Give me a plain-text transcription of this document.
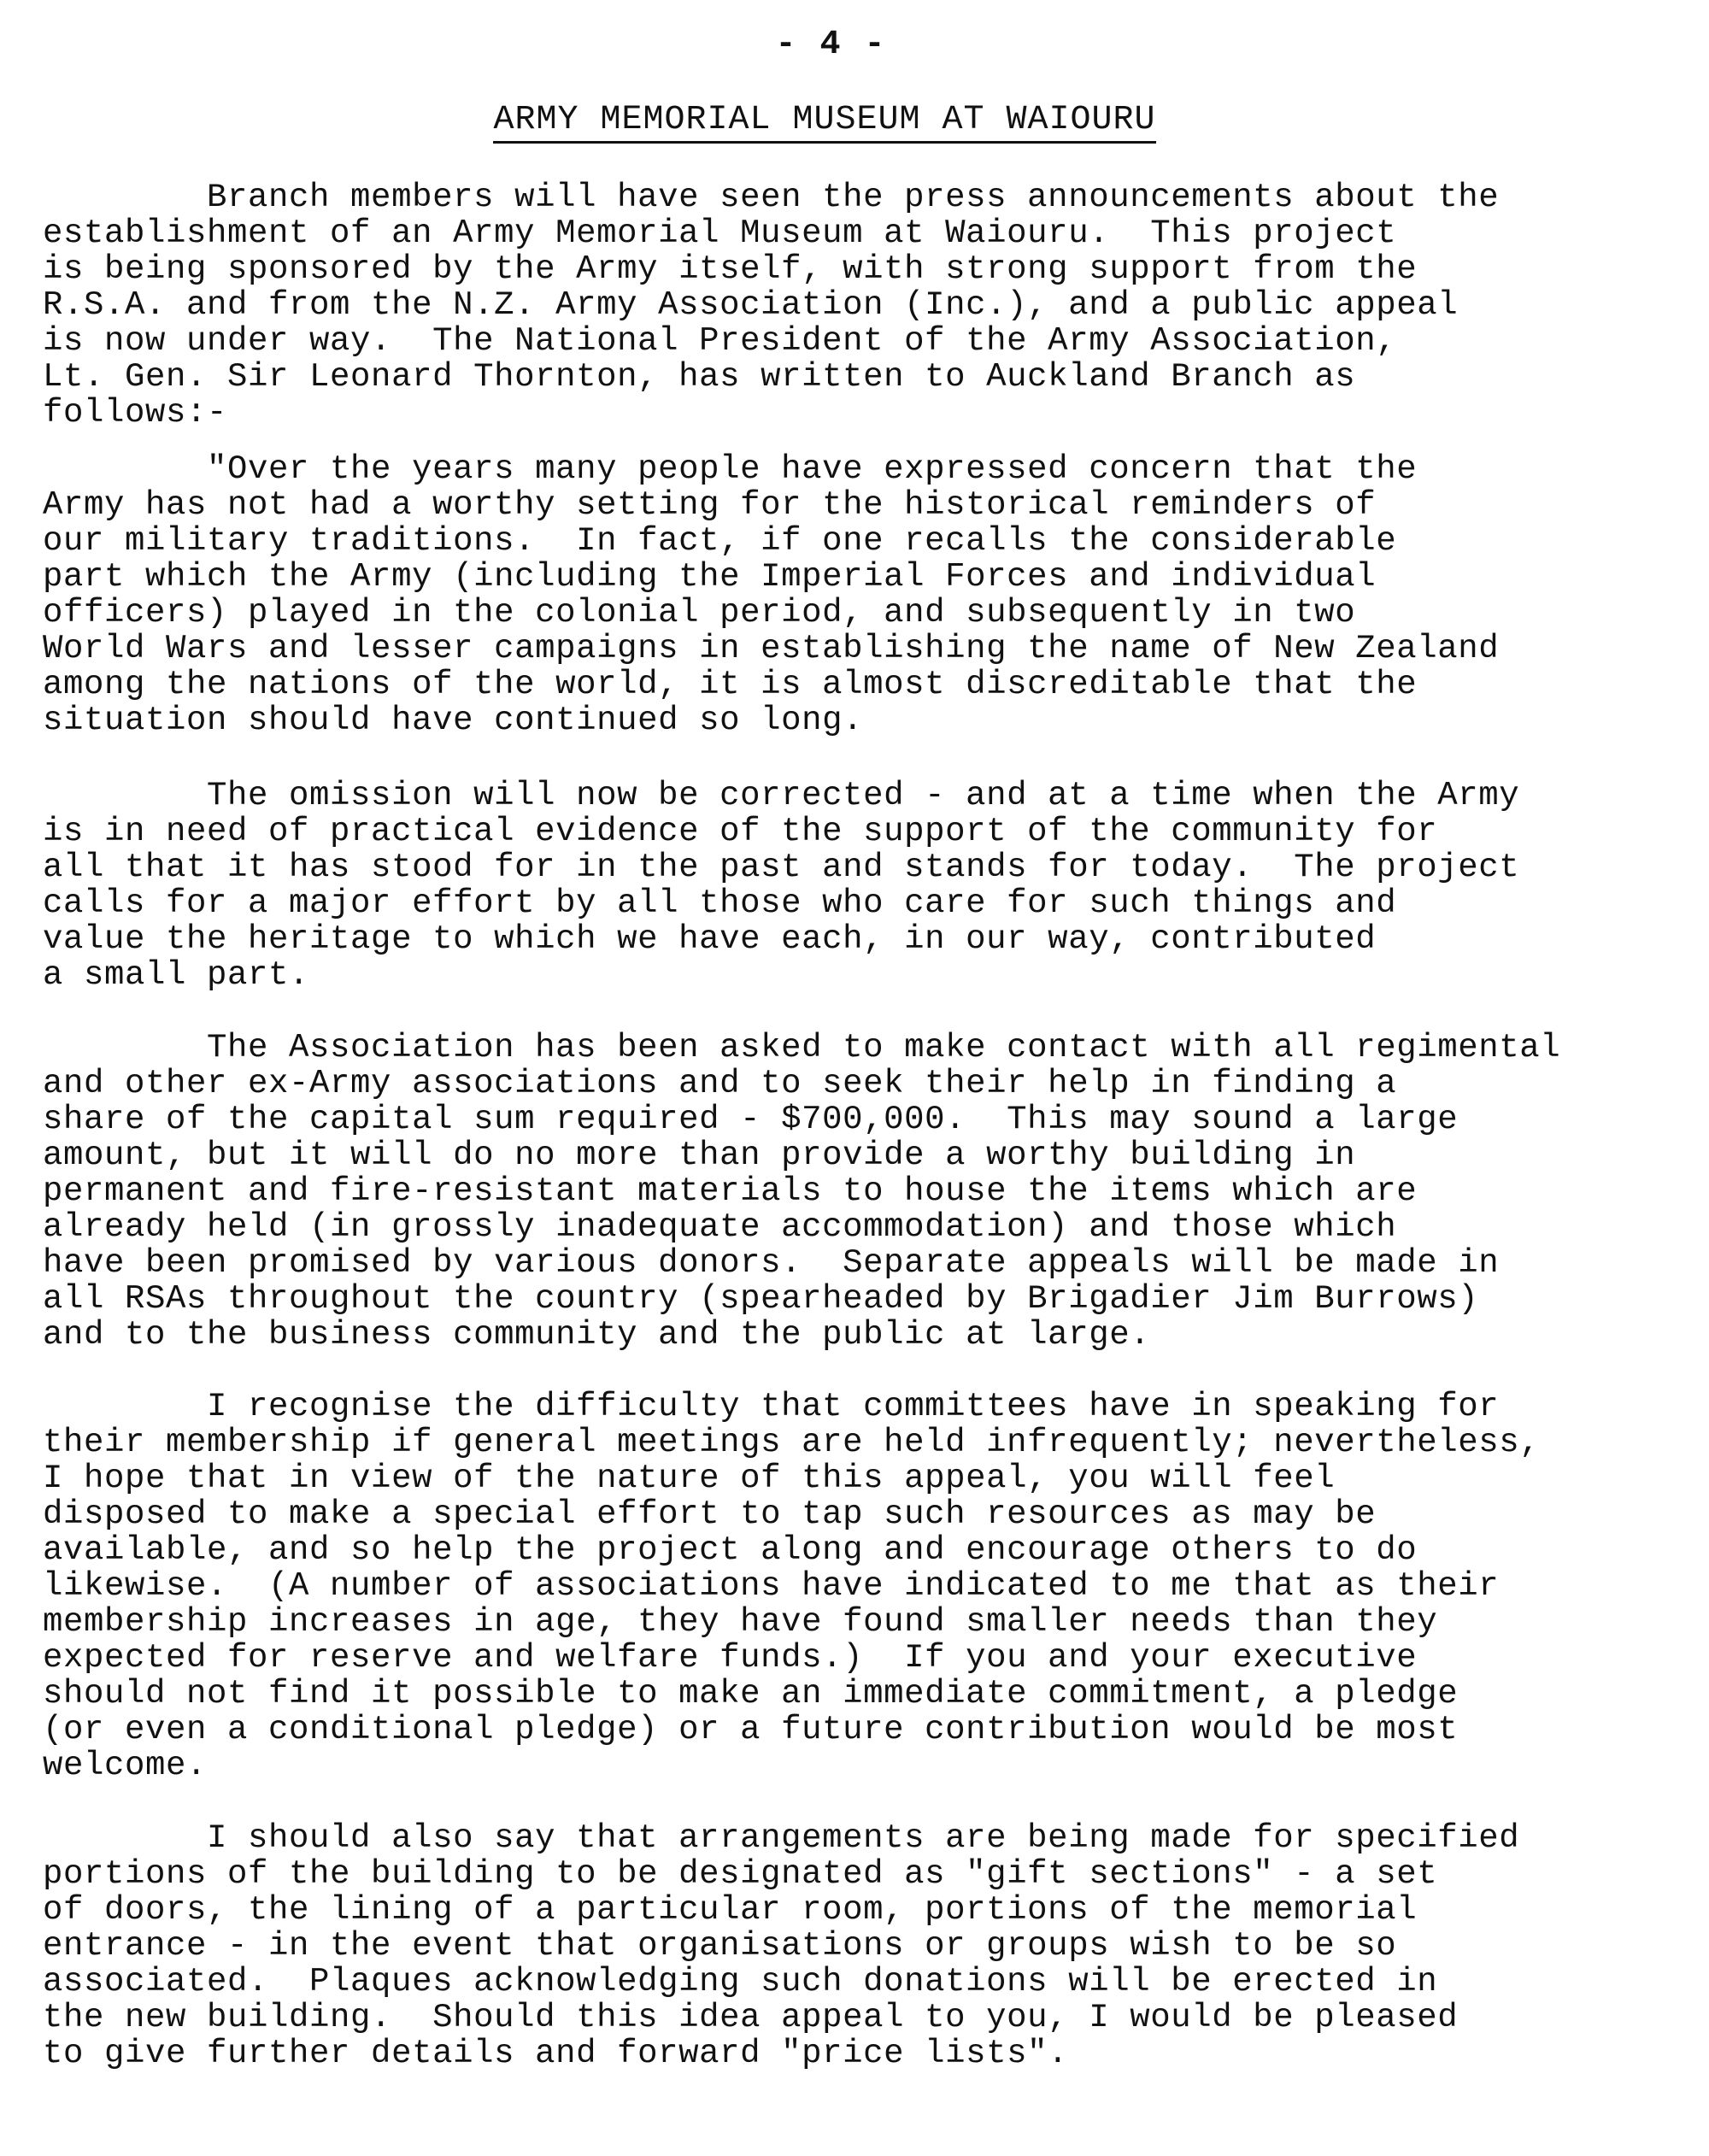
- 4 -
ARMY MEMORIAL MUSEUM AT WAIOURU

Branch members will have seen the press announcements about the
establishment of an Army Memorial Museum at Waiouru.  This project
is being sponsored by the Army itself, with strong support from the
R.S.A. and from the N.Z. Army Association (Inc.), and a public appeal
is now under way.  The National President of the Army Association,
Lt. Gen. Sir Leonard Thornton, has written to Auckland Branch as
follows:-

"Over the years many people have expressed concern that the
Army has not had a worthy setting for the historical reminders of
our military traditions.  In fact, if one recalls the considerable
part which the Army (including the Imperial Forces and individual
officers) played in the colonial period, and subsequently in two
World Wars and lesser campaigns in establishing the name of New Zealand
among the nations of the world, it is almost discreditable that the
situation should have continued so long.

The omission will now be corrected - and at a time when the Army
is in need of practical evidence of the support of the community for
all that it has stood for in the past and stands for today.  The project
calls for a major effort by all those who care for such things and
value the heritage to which we have each, in our way, contributed
a small part.

The Association has been asked to make contact with all regimental
and other ex-Army associations and to seek their help in finding a
share of the capital sum required - $700,000.  This may sound a large
amount, but it will do no more than provide a worthy building in
permanent and fire-resistant materials to house the items which are
already held (in grossly inadequate accommodation) and those which
have been promised by various donors.  Separate appeals will be made in
all RSAs throughout the country (spearheaded by Brigadier Jim Burrows)
and to the business community and the public at large.

I recognise the difficulty that committees have in speaking for
their membership if general meetings are held infrequently; nevertheless,
I hope that in view of the nature of this appeal, you will feel
disposed to make a special effort to tap such resources as may be
available, and so help the project along and encourage others to do
likewise.  (A number of associations have indicated to me that as their
membership increases in age, they have found smaller needs than they
expected for reserve and welfare funds.)  If you and your executive
should not find it possible to make an immediate commitment, a pledge
(or even a conditional pledge) or a future contribution would be most
welcome.

I should also say that arrangements are being made for specified
portions of the building to be designated as "gift sections" - a set
of doors, the lining of a particular room, portions of the memorial
entrance - in the event that organisations or groups wish to be so
associated.  Plaques acknowledging such donations will be erected in
the new building.  Should this idea appeal to you, I would be pleased
to give further details and forward "price lists".
